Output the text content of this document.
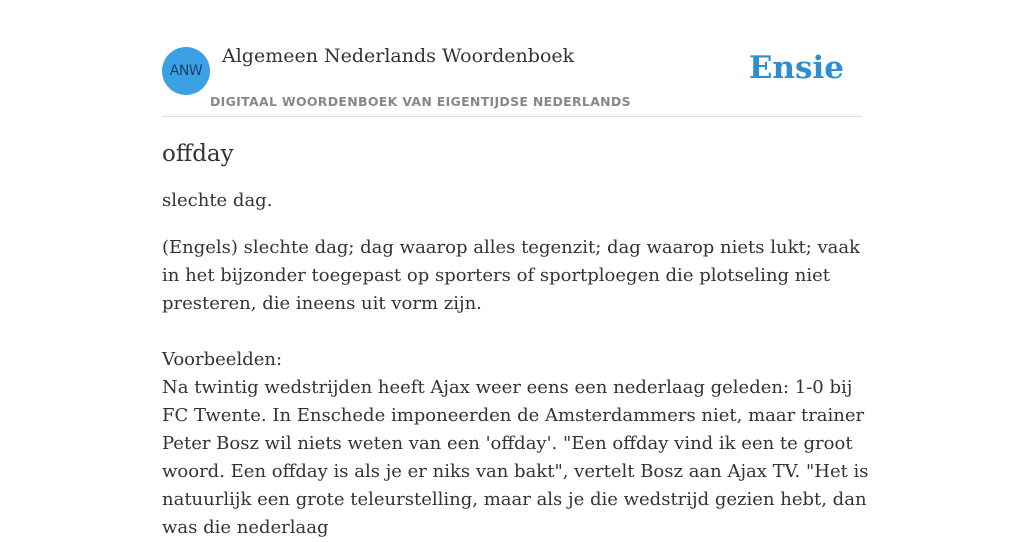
ANW
Algemeen Nederlands Woordenboek
DIGITAAL WOORDENBOEK VAN EIGENTIJDSE NEDERLANDS
Ensie
offday

slechte dag.

(Engels) slechte dag; dag waarop alles tegenzit; dag waarop niets lukt; vaak in het bijzonder toegepast op sporters of sportploegen die plotseling niet presteren, die ineens uit vorm zijn.

Voorbeelden:
Na twintig wedstrijden heeft Ajax weer eens een nederlaag geleden: 1-0 bij FC Twente. In Enschede imponeerden de Amsterdammers niet, maar trainer Peter Bosz wil niets weten van een 'offday'. "Een offday vind ik een te groot woord. Een offday is als je er niks van bakt", vertelt Bosz aan Ajax TV. "Het is natuurlijk een grote teleurstelling, maar als je die wedstrijd gezien hebt, dan was die nederlaag
